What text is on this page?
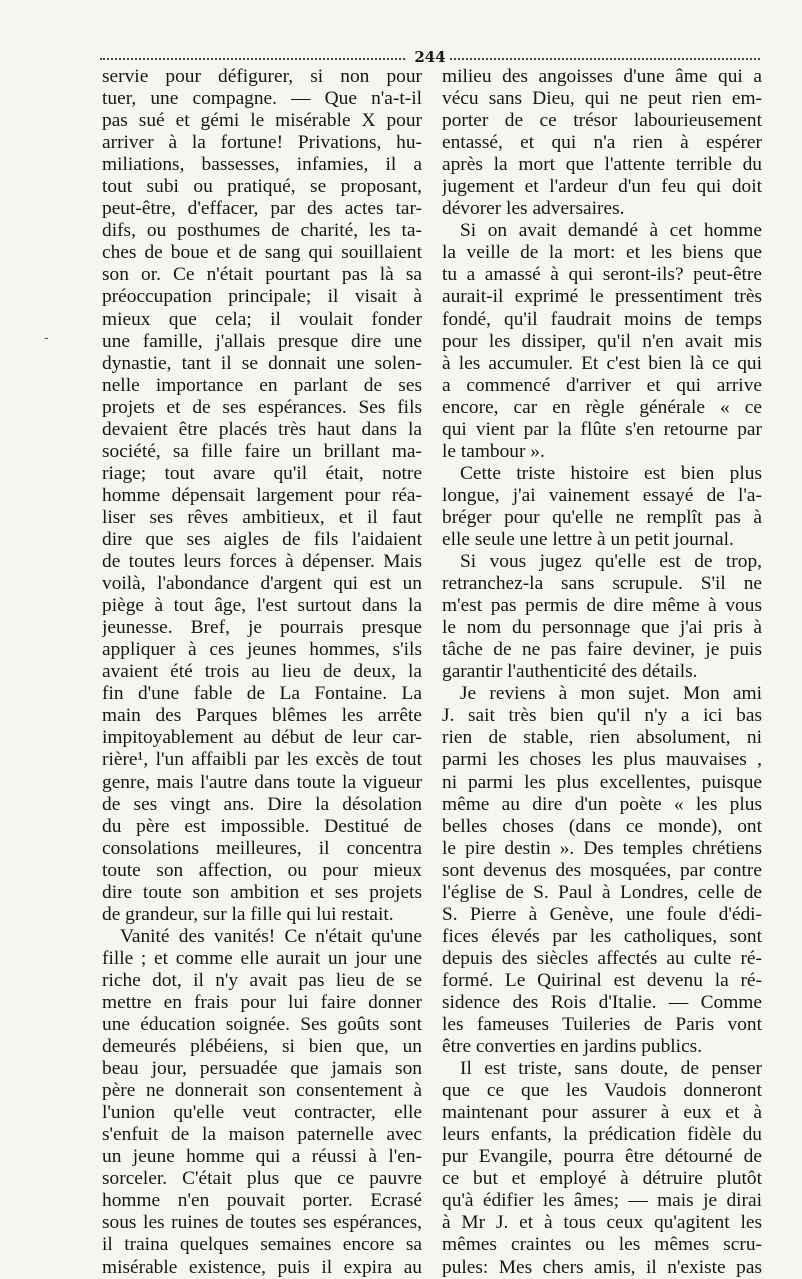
244
-
servie pour défigurer, si non pour
tuer, une compagne. — Que n'a-t-il
pas sué et gémi le misérable X pour
arriver à la fortune! Privations, hu-
miliations, bassesses, infamies, il a
tout subi ou pratiqué, se proposant,
peut-être, d'effacer, par des actes tar-
difs, ou posthumes de charité, les ta-
ches de boue et de sang qui souillaient
son or. Ce n'était pourtant pas là sa
préoccupation principale; il visait à
mieux que cela; il voulait fonder
une famille, j'allais presque dire une
dynastie, tant il se donnait une solen-
nelle importance en parlant de ses
projets et de ses espérances. Ses fils
devaient être placés très haut dans la
société, sa fille faire un brillant ma-
riage; tout avare qu'il était, notre
homme dépensait largement pour réa-
liser ses rêves ambitieux, et il faut
dire que ses aigles de fils l'aidaient
de toutes leurs forces à dépenser. Mais
voilà, l'abondance d'argent qui est un
piège à tout âge, l'est surtout dans la
jeunesse. Bref, je pourrais presque
appliquer à ces jeunes hommes, s'ils
avaient été trois au lieu de deux, la
fin d'une fable de La Fontaine. La
main des Parques blêmes les arrête
impitoyablement au début de leur car-
rière¹, l'un affaibli par les excès de tout
genre, mais l'autre dans toute la vigueur
de ses vingt ans. Dire la désolation
du père est impossible. Destitué de
consolations meilleures, il concentra
toute son affection, ou pour mieux
dire toute son ambition et ses projets
de grandeur, sur la fille qui lui restait.
Vanité des vanités! Ce n'était qu'une
fille ; et comme elle aurait un jour une
riche dot, il n'y avait pas lieu de se
mettre en frais pour lui faire donner
une éducation soignée. Ses goûts sont
demeurés plébéiens, si bien que, un
beau jour, persuadée que jamais son
père ne donnerait son consentement à
l'union qu'elle veut contracter, elle
s'enfuit de la maison paternelle avec
un jeune homme qui a réussi à l'en-
sorceler. C'était plus que ce pauvre
homme n'en pouvait porter. Ecrasé
sous les ruines de toutes ses espérances,
il traina quelques semaines encore sa
misérable existence, puis il expira au
milieu des angoisses d'une âme qui a
vécu sans Dieu, qui ne peut rien em-
porter de ce trésor labourieusement
entassé, et qui n'a rien à espérer
après la mort que l'attente terrible du
jugement et l'ardeur d'un feu qui doit
dévorer les adversaires.
Si on avait demandé à cet homme
la veille de la mort: et les biens que
tu a amassé à qui seront-ils? peut-être
aurait-il exprimé le pressentiment très
fondé, qu'il faudrait moins de temps
pour les dissiper, qu'il n'en avait mis
à les accumuler. Et c'est bien là ce qui
a commencé d'arriver et qui arrive
encore, car en règle générale « ce
qui vient par la flûte s'en retourne par
le tambour ».
Cette triste histoire est bien plus
longue, j'ai vainement essayé de l'a-
bréger pour qu'elle ne remplît pas à
elle seule une lettre à un petit journal.
Si vous jugez qu'elle est de trop,
retranchez-la sans scrupule. S'il ne
m'est pas permis de dire même à vous
le nom du personnage que j'ai pris à
tâche de ne pas faire deviner, je puis
garantir l'authenticité des détails.
Je reviens à mon sujet. Mon ami
J. sait très bien qu'il n'y a ici bas
rien de stable, rien absolument, ni
parmi les choses les plus mauvaises ,
ni parmi les plus excellentes, puisque
même au dire d'un poète « les plus
belles choses (dans ce monde), ont
le pire destin ». Des temples chrétiens
sont devenus des mosquées, par contre
l'église de S. Paul à Londres, celle de
S. Pierre à Genève, une foule d'édi-
fices élevés par les catholiques, sont
depuis des siècles affectés au culte ré-
formé. Le Quirinal est devenu la ré-
sidence des Rois d'Italie. — Comme
les fameuses Tuileries de Paris vont
être converties en jardins publics.
Il est triste, sans doute, de penser
que ce que les Vaudois donneront
maintenant pour assurer à eux et à
leurs enfants, la prédication fidèle du
pur Evangile, pourra être détourné de
ce but et employé à détruire plutôt
qu'à édifier les âmes; — mais je dirai
à Mr J. et à tous ceux qu'agitent les
mêmes craintes ou les mêmes scru-
pules: Mes chers amis, il n'existe pas
